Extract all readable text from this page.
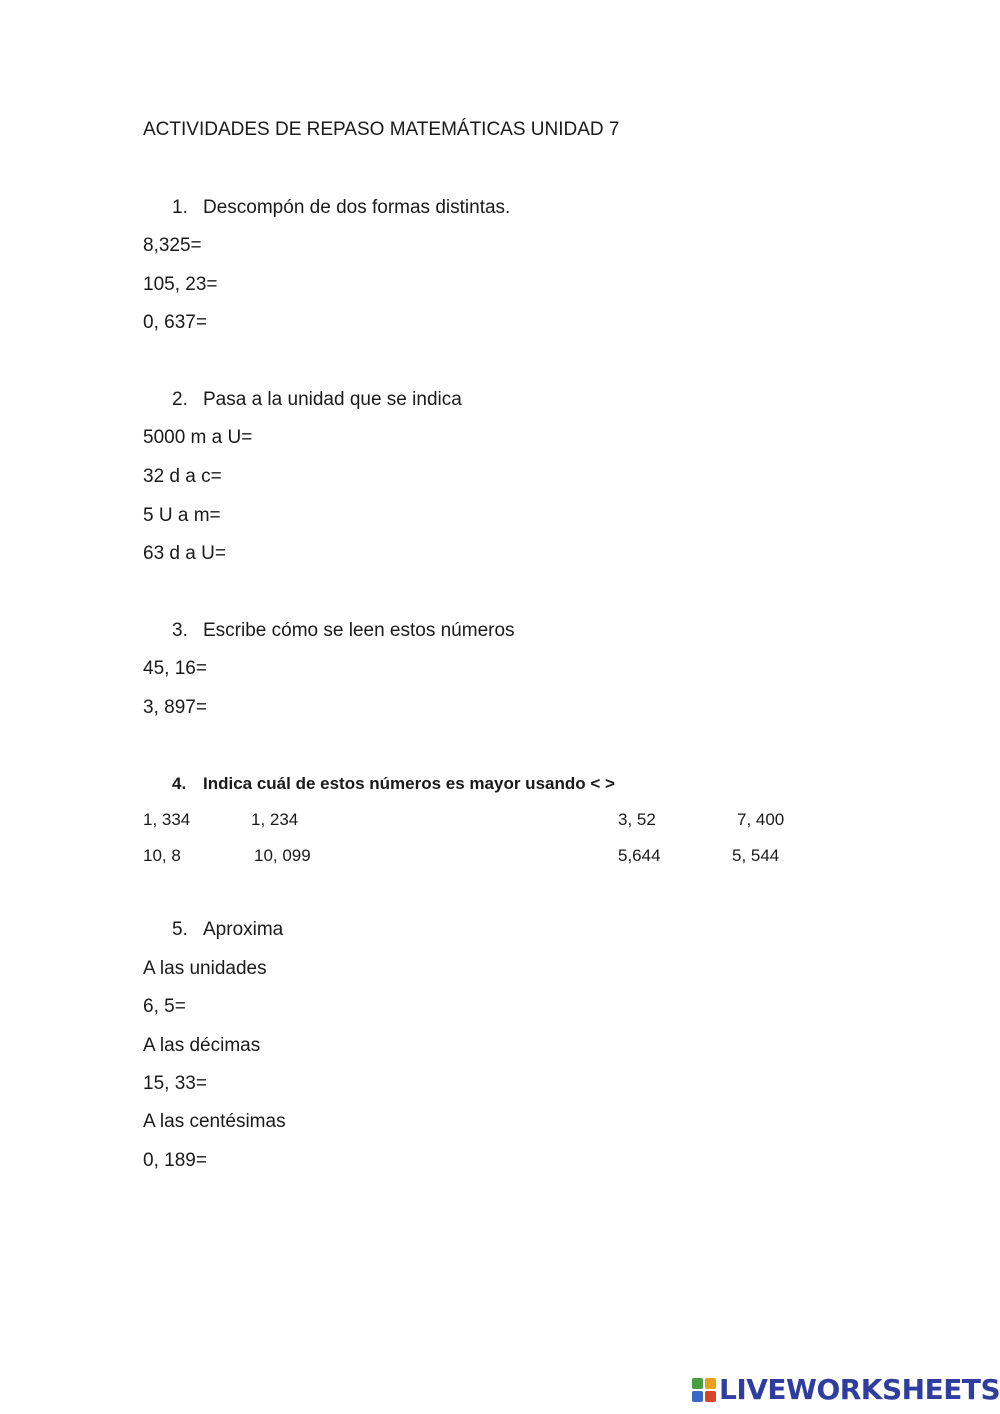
ACTIVIDADES DE REPASO MATEMÁTICAS UNIDAD 7
1. Descompón de dos formas distintas.
8,325=
105, 23=
0, 637=
2. Pasa a la unidad que se indica
5000 m a U=
32 d a c=
5 U a m=
63 d a U=
3. Escribe cómo se leen estos números
45, 16=
3, 897=
4. Indica cuál de estos números es mayor usando < >
1, 334	1, 234	3, 52	7, 400
10, 8	10, 099	5,644	5, 544
5. Aproxima
A las unidades
6, 5=
A las décimas
15, 33=
A las centésimas
0, 189=
LIVEWORKSHEETS
